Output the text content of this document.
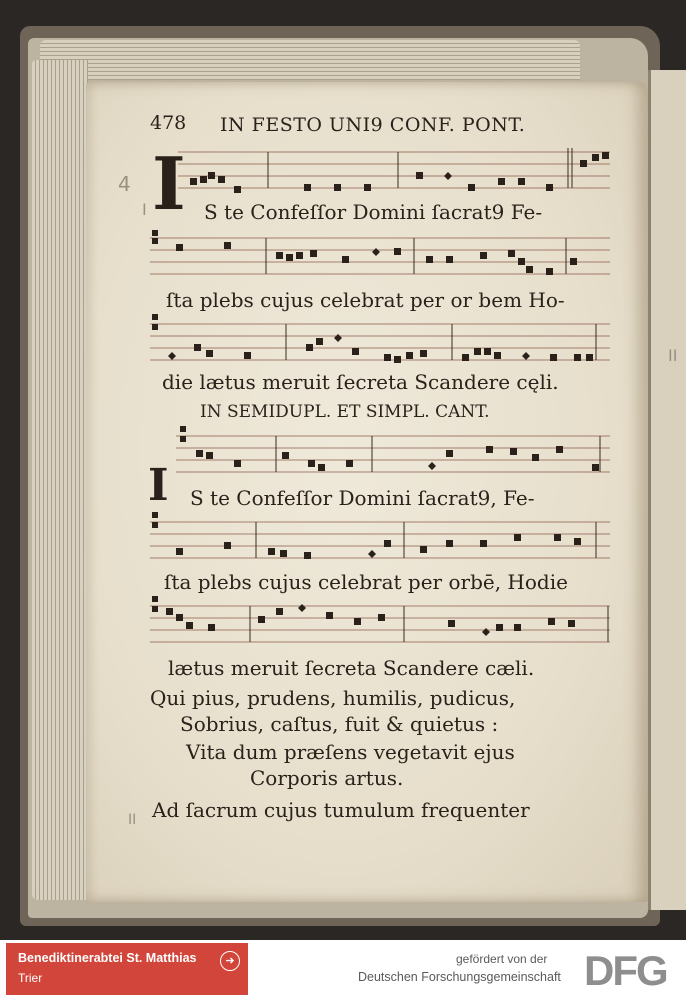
478 IN FESTO UNI9 CONF. PONT.
I S te Confeſſor Domini ſacrat9 Fe-
ſta plebs cujus celebrat per or bem Ho-
die lætus meruit ſecreta Scandere cęli.
IN SEMIDUPL. ET SIMPL. CANT.
I S te Confeſſor Domini ſacrat9, Fe-
ſta plebs cujus celebrat per orbē, Hodie
lætus meruit ſecreta Scandere cæli.
Qui pius, prudens, humilis, pudicus,
Sobrius, caſtus, fuit & quietus :
Vita dum præſens vegetavit ejus
Corporis artus.
Ad ſacrum cujus tumulum frequenter
4
I
II
II
Benediktinerabtei St. Matthias
Trier
➜	gefördert von der
Deutschen Forschungsgemeinschaft DFG
